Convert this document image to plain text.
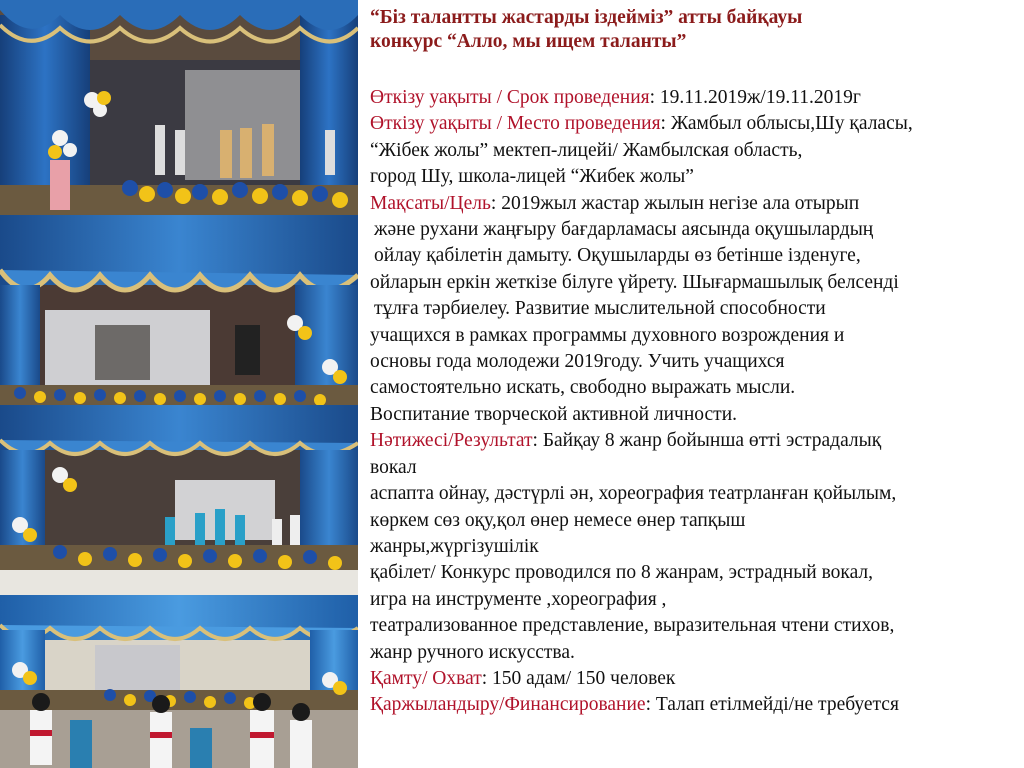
“Біз талантты жастарды іздейміз” атты байқауы
конкурс “Алло, мы ищем таланты”
Өткізу уақыты / Срок проведения: 19.11.2019ж/19.11.2019г
Өткізу уақыты / Место проведения: Жамбыл облысы,Шу қаласы,
“Жібек жолы” мектеп-лицейі/ Жамбылская область,
город Шу, школа-лицей “Жибек жолы”
Мақсаты/Цель: 2019жыл жастар жылын негізе ала отырып
және рухани жаңғыру бағдарламасы аясында оқушылардың
ойлау қабілетін дамыту. Оқушыларды өз бетінше ізденуге,
ойларын еркін жеткізе білуге үйрету. Шығармашылық белсенді
тұлға тәрбиелеу. Развитие мыслительной способности
учащихся в рамках программы духовного возрождения и
основы года молодежи 2019году. Учить учащихся
самостоятельно искать, свободно выражать мысли.
Воспитание творческой активной личности.
Нәтижесі/Результат: Байқау 8 жанр бойынша өтті эстрадалық
вокал
аспапта ойнау, дәстүрлі ән, хореография театрланған қойылым,
көркем сөз оқу,қол өнер немесе өнер тапқыш
жанры,жүргізушілік
қабілет/ Конкурс проводился по 8 жанрам, эстрадный вокал,
игра на инструменте ,хореография ,
театрализованное представление, выразительная чтени стихов,
жанр ручного искусства.
Қамту/ Охват: 150 адам/ 150 человек
Қаржыландыру/Финансирование: Талап етілмейді/не требуется
